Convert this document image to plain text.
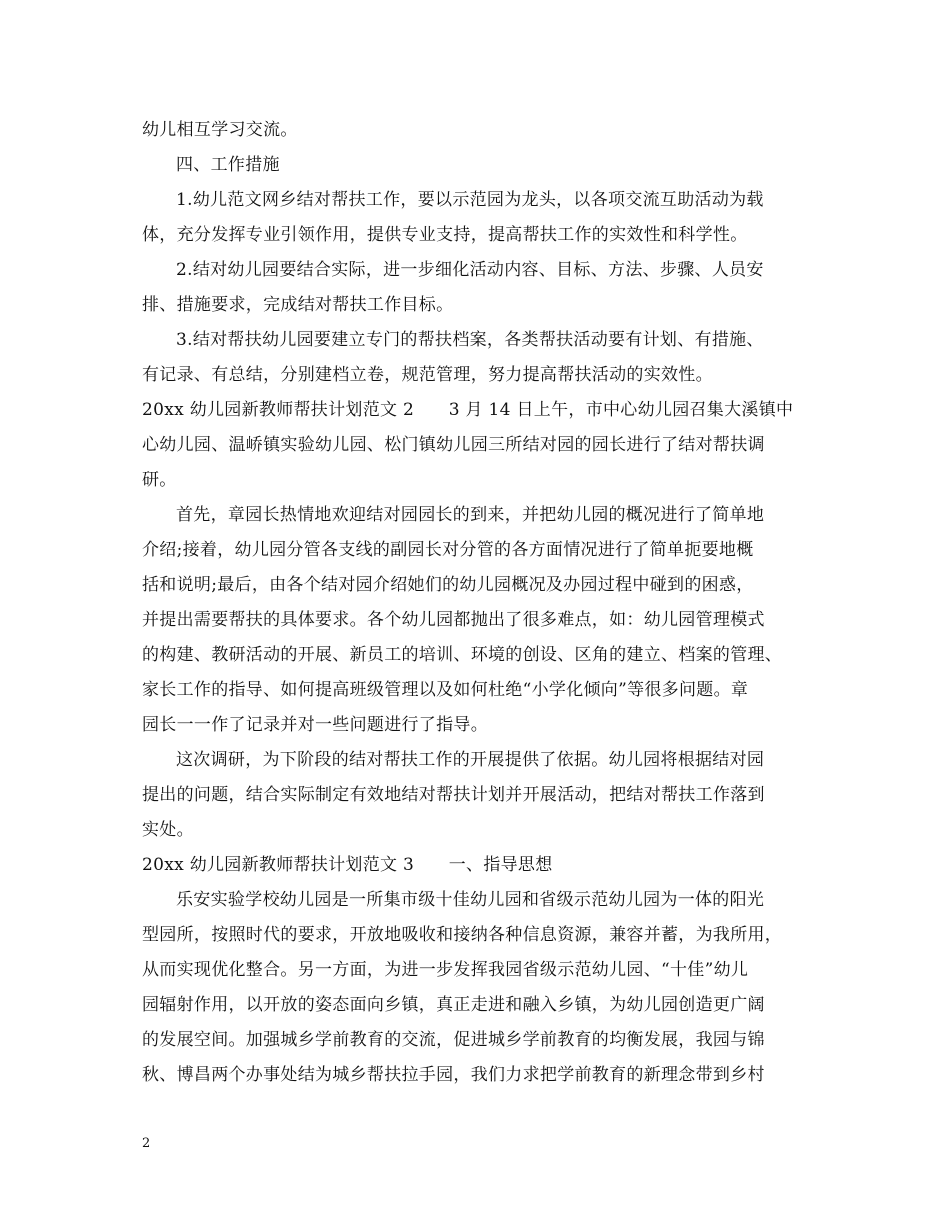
幼儿相互学习交流。
四、工作措施
1.幼儿范文网乡结对帮扶工作，要以示范园为龙头，以各项交流互助活动为载
体，充分发挥专业引领作用，提供专业支持，提高帮扶工作的实效性和科学性。
2.结对幼儿园要结合实际，进一步细化活动内容、目标、方法、步骤、人员安
排、措施要求，完成结对帮扶工作目标。
3.结对帮扶幼儿园要建立专门的帮扶档案，各类帮扶活动要有计划、有措施、
有记录、有总结，分别建档立卷，规范管理，努力提高帮扶活动的实效性。
20xx 幼儿园新教师帮扶计划范文 2　　3 月 14 日上午，市中心幼儿园召集大溪镇中
心幼儿园、温峤镇实验幼儿园、松门镇幼儿园三所结对园的园长进行了结对帮扶调
研。
首先，章园长热情地欢迎结对园园长的到来，并把幼儿园的概况进行了简单地
介绍;接着，幼儿园分管各支线的副园长对分管的各方面情况进行了简单扼要地概
括和说明;最后，由各个结对园介绍她们的幼儿园概况及办园过程中碰到的困惑，
并提出需要帮扶的具体要求。各个幼儿园都抛出了很多难点，如：幼儿园管理模式
的构建、教研活动的开展、新员工的培训、环境的创设、区角的建立、档案的管理、
家长工作的指导、如何提高班级管理以及如何杜绝“小学化倾向”等很多问题。章
园长一一作了记录并对一些问题进行了指导。
这次调研，为下阶段的结对帮扶工作的开展提供了依据。幼儿园将根据结对园
提出的问题，结合实际制定有效地结对帮扶计划并开展活动，把结对帮扶工作落到
实处。
20xx 幼儿园新教师帮扶计划范文 3　　一、指导思想
乐安实验学校幼儿园是一所集市级十佳幼儿园和省级示范幼儿园为一体的阳光
型园所，按照时代的要求，开放地吸收和接纳各种信息资源，兼容并蓄，为我所用，
从而实现优化整合。另一方面，为进一步发挥我园省级示范幼儿园、“十佳”幼儿
园辐射作用，以开放的姿态面向乡镇，真正走进和融入乡镇，为幼儿园创造更广阔
的发展空间。加强城乡学前教育的交流，促进城乡学前教育的均衡发展，我园与锦
秋、博昌两个办事处结为城乡帮扶拉手园，我们力求把学前教育的新理念带到乡村
2
